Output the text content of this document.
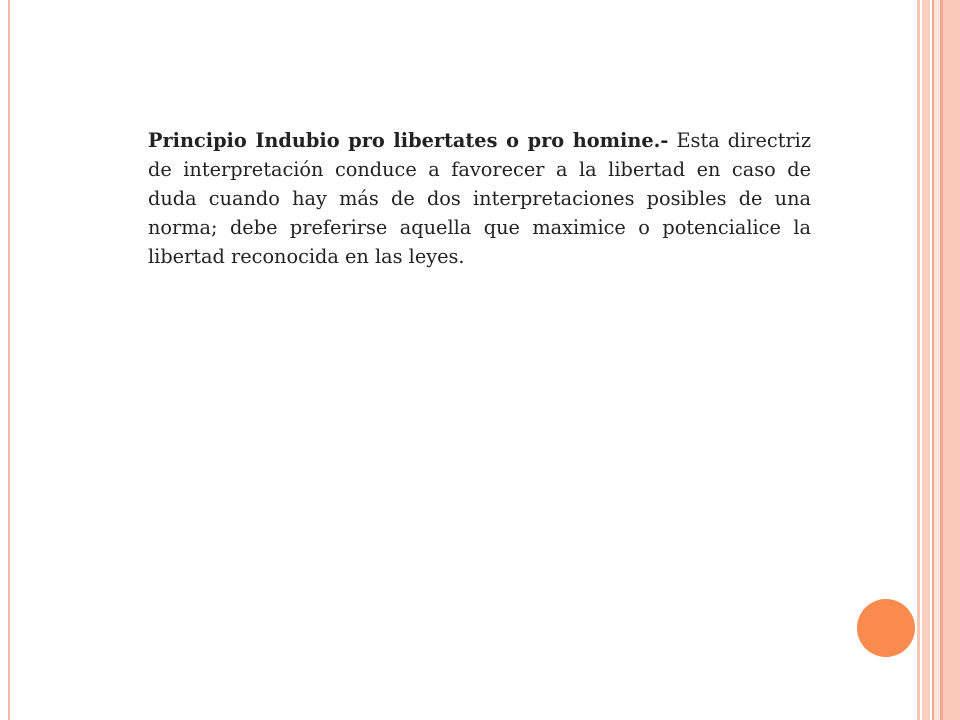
Principio Indubio pro libertates o pro homine.- Esta directriz de interpretación conduce a favorecer a la libertad en caso de duda cuando hay más de dos interpretaciones posibles de una norma; debe preferirse aquella que maximice o potencialice la libertad reconocida en las leyes.
